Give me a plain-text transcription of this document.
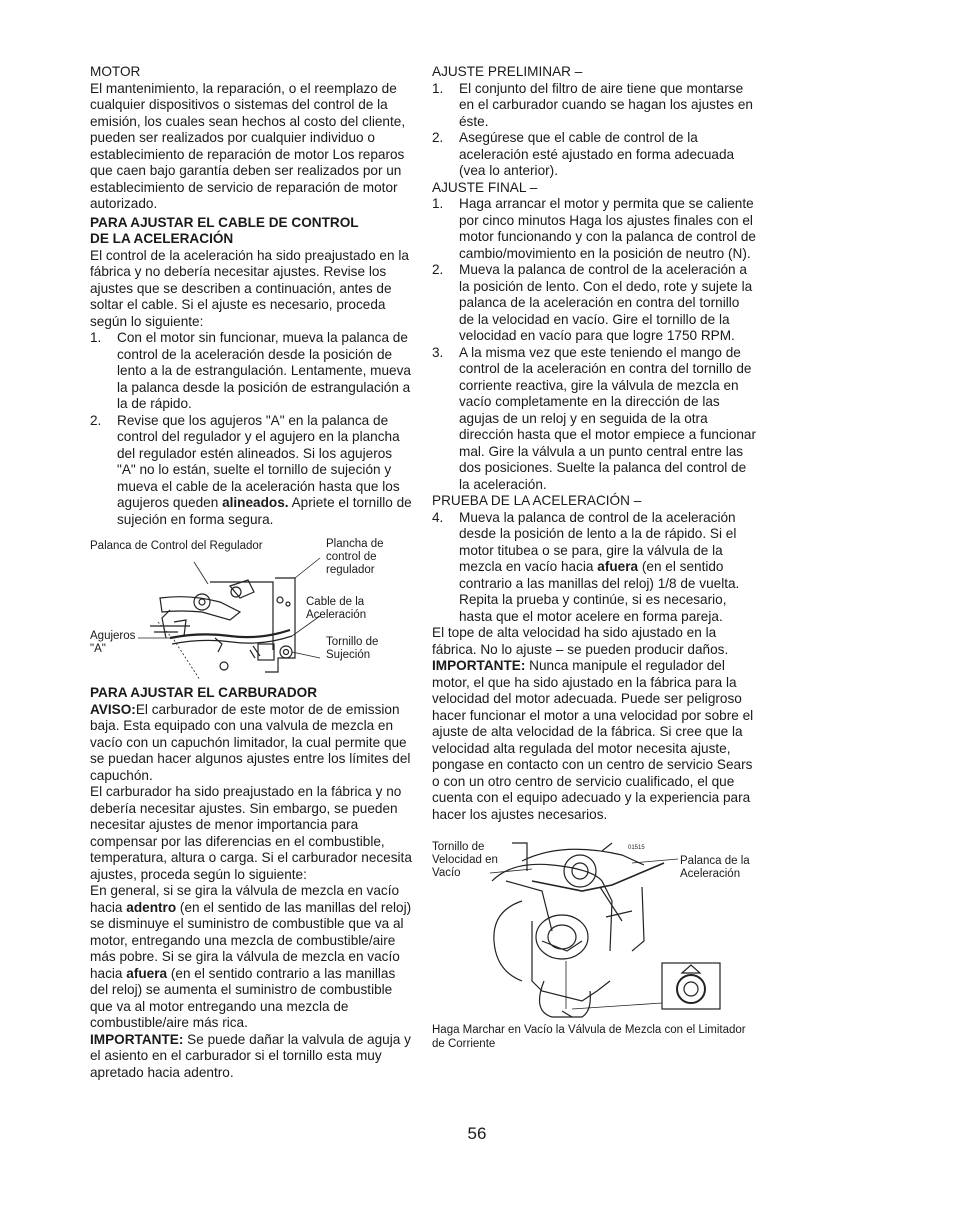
MOTOR

El mantenimiento, la reparación, o el reemplazo de cualquier dispositivos o sistemas del control de la emisión, los cuales sean hechos al costo del cliente, pueden ser realizados por cualquier individuo o establecimiento de reparación de motor Los reparos que caen bajo garantía deben ser realizados por un establecimiento de servicio de reparación de motor autorizado.

PARA AJUSTAR EL CABLE DE CONTROL

DE LA ACELERACIÓN

El control de la aceleración ha sido preajustado en la fábrica y no debería necesitar ajustes. Revise los ajustes que se describen a continuación, antes de soltar el cable. Si el ajuste es necesario, proceda según lo siguiente:

1. Con el motor sin funcionar, mueva la palanca de control de la aceleración desde la posición de lento a la de estrangulación. Lentamente, mueva la palanca desde la posición de estrangulación a la de rápido.
2. Revise que los agujeros "A" en la palanca de control del regulador y el agujero en la plancha del regulador estén alineados. Si los agujeros "A" no lo están, suelte el tornillo de sujeción y mueva el cable de la aceleración hasta que los agujeros queden alineados. Apriete el tornillo de sujeción en forma segura.
Palanca de Control del Regulador	Plancha de control de regulador
Cable de la Aceleración
Agujeros "A"
Tornillo de Sujeción

PARA AJUSTAR EL CARBURADOR

AVISO:El carburador de este motor de de emission baja. Esta equipado con una valvula de mezcla en vacío con un capuchón limitador, la cual permite que se puedan hacer algunos ajustes entre los límites del capuchón.

El carburador ha sido preajustado en la fábrica y no debería necesitar ajustes. Sin embargo, se pueden necesitar ajustes de menor importancia para compensar por las diferencias en el combustible, temperatura, altura o carga. Si el carburador necesita ajustes, proceda según lo siguiente:

En general, si se gira la válvula de mezcla en vacío hacia adentro (en el sentido de las manillas del reloj) se disminuye el suministro de combustible que va al motor, entregando una mezcla de combustible/aire más pobre. Si se gira la válvula de mezcla en vacío hacia afuera (en el sentido contrario a las manillas del reloj) se aumenta el suministro de combustible que va al motor entregando una mezcla de combustible/aire más rica.

IMPORTANTE: Se puede dañar la valvula de aguja y el asiento en el carburador si el tornillo esta muy apretado hacia adentro.

AJUSTE PRELIMINAR –

1. El conjunto del filtro de aire tiene que montarse en el carburador cuando se hagan los ajustes en éste.
2. Asegúrese que el cable de control de la aceleración esté ajustado en forma adecuada (vea lo anterior).

AJUSTE FINAL –

1. Haga arrancar el motor y permita que se caliente por cinco minutos Haga los ajustes finales con el motor funcionando y con la palanca de control de cambio/movimiento en la posición de neutro (N).
2. Mueva la palanca de control de la aceleración a la posición de lento. Con el dedo, rote y sujete la palanca de la aceleración en contra del tornillo de la velocidad en vacío. Gire el tornillo de la velocidad en vacío para que logre 1750 RPM.
3. A la misma vez que este teniendo el mango de control de la aceleración en contra del tornillo de corriente reactiva, gire la válvula de mezcla en vacío completamente en la dirección de las agujas de un reloj y en seguida de la otra dirección hasta que el motor empiece a funcionar mal. Gire la válvula a un punto central entre las dos posiciones. Suelte la palanca del control de la aceleración.

PRUEBA DE LA ACELERACIÓN –

4. Mueva la palanca de control de la aceleración desde la posición de lento a la de rápido. Si el motor titubea o se para, gire la válvula de la mezcla en vacío hacia afuera (en el sentido contrario a las manillas del reloj) 1/8 de vuelta. Repita la prueba y continúe, si es necesario, hasta que el motor acelere en forma pareja.

El tope de alta velocidad ha sido ajustado en la fábrica. No lo ajuste – se pueden producir daños.

IMPORTANTE: Nunca manipule el regulador del motor, el que ha sido ajustado en la fábrica para la velocidad del motor adecuada. Puede ser peligroso hacer funcionar el motor a una velocidad por sobre el ajuste de alta velocidad de la fábrica. Si cree que la velocidad alta regulada del motor necesita ajuste, pongase en contacto con un centro de servicio Sears o con un otro centro de servicio cualificado, el que cuenta con el equipo adecuado y la experiencia para hacer los ajustes necesarios.

01515
Tornillo de Velocidad en Vacío
Palanca de la Aceleración

Haga Marchar en Vacío la Válvula de Mezcla con el Limitador de Corriente

56
